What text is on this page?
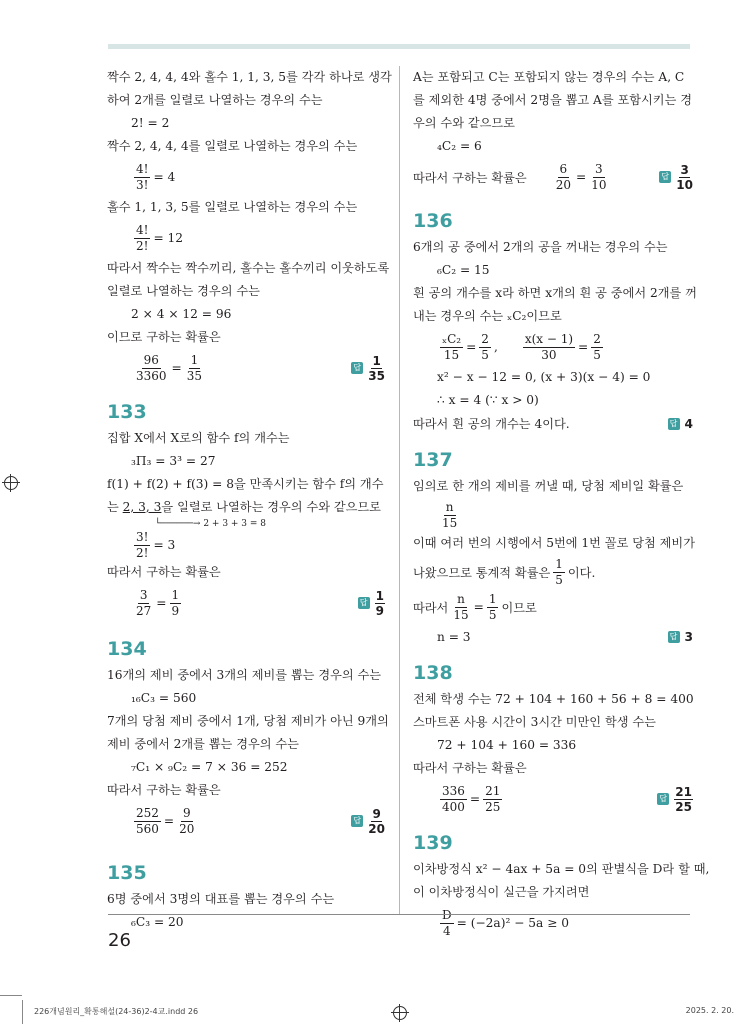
짝수 2, 4, 4, 4와 홀수 1, 1, 3, 5를 각각 하나로 생각
하여 2개를 일렬로 나열하는 경우의 수는
2! = 2
짝수 2, 4, 4, 4를 일렬로 나열하는 경우의 수는
$\frac{4!}{3!} = 4$
홀수 1, 1, 3, 5를 일렬로 나열하는 경우의 수는
$\frac{4!}{2!} = 12$
따라서 짝수는 짝수끼리, 홀수는 홀수끼리 이웃하도록
일렬로 나열하는 경우의 수는
2 × 4 × 12 = 96
이므로 구하는 확률은
$\frac{96}{3360} = \frac{1}{35}$	답 1
35
133
집합 X에서 X로의 함수 f의 개수는
₃Π₃ = 3³ = 27
f(1) + f(2) + f(3) = 8을 만족시키는 함수 f의 개수
는 2, 3, 3을 일렬로 나열하는 경우의 수와 같으므로
└──────→ 2 + 3 + 3 = 8
$\frac{3!}{2!} = 3$
따라서 구하는 확률은
$\frac{3}{27} = \frac{1}{9}$	답 1
9
134
16개의 제비 중에서 3개의 제비를 뽑는 경우의 수는
₁₆C₃ = 560
7개의 당첨 제비 중에서 1개, 당첨 제비가 아닌 9개의
제비 중에서 2개를 뽑는 경우의 수는
₇C₁ × ₉C₂ = 7 × 36 = 252
따라서 구하는 확률은
$\frac{252}{560} = \frac{9}{20}$	답 9
20
135
6명 중에서 3명의 대표를 뽑는 경우의 수는
₆C₃ = 20
A는 포함되고 C는 포함되지 않는 경우의 수는 A, C
를 제외한 4명 중에서 2명을 뽑고 A를 포함시키는 경
우의 수와 같으므로
₄C₂ = 6
따라서 구하는 확률은 $\frac{6}{20} = \frac{3}{10}$	답 3
10
136
6개의 공 중에서 2개의 공을 꺼내는 경우의 수는
₆C₂ = 15
흰 공의 개수를 x라 하면 x개의 흰 공 중에서 2개를 꺼
내는 경우의 수는 ₓC₂이므로
$\frac{\text{ₓC₂}}{15} = \frac{2}{5}$ , $\frac{x(x - 1)}{30} = \frac{2}{5}$
x² − x − 12 = 0, (x + 3)(x − 4) = 0
∴ x = 4 (∵ x > 0)
따라서 흰 공의 개수는 4이다.	답 4
137
임의로 한 개의 제비를 꺼낼 때, 당첨 제비일 확률은
$\frac{n}{15}$
이때 여러 번의 시행에서 5번에 1번 꼴로 당첨 제비가
나왔으므로 통계적 확률은 $\frac{1}{5}$ 이다.
따라서 $\frac{n}{15} = \frac{1}{5}$ 이므로
n = 3	답 3
138
전체 학생 수는 72 + 104 + 160 + 56 + 8 = 400
스마트폰 사용 시간이 3시간 미만인 학생 수는
72 + 104 + 160 = 336
따라서 구하는 확률은
$\frac{336}{400} = \frac{21}{25}$	답 21
25
139
이차방정식 x² − 4ax + 5a = 0의 판별식을 D라 할 때,
이 이차방정식이 실근을 가지려면
4
= (−2a)² − 5a ≥ 0
26
226개념원리_확통해설(24-36)2-4교.indd 26	2025. 2. 20.
